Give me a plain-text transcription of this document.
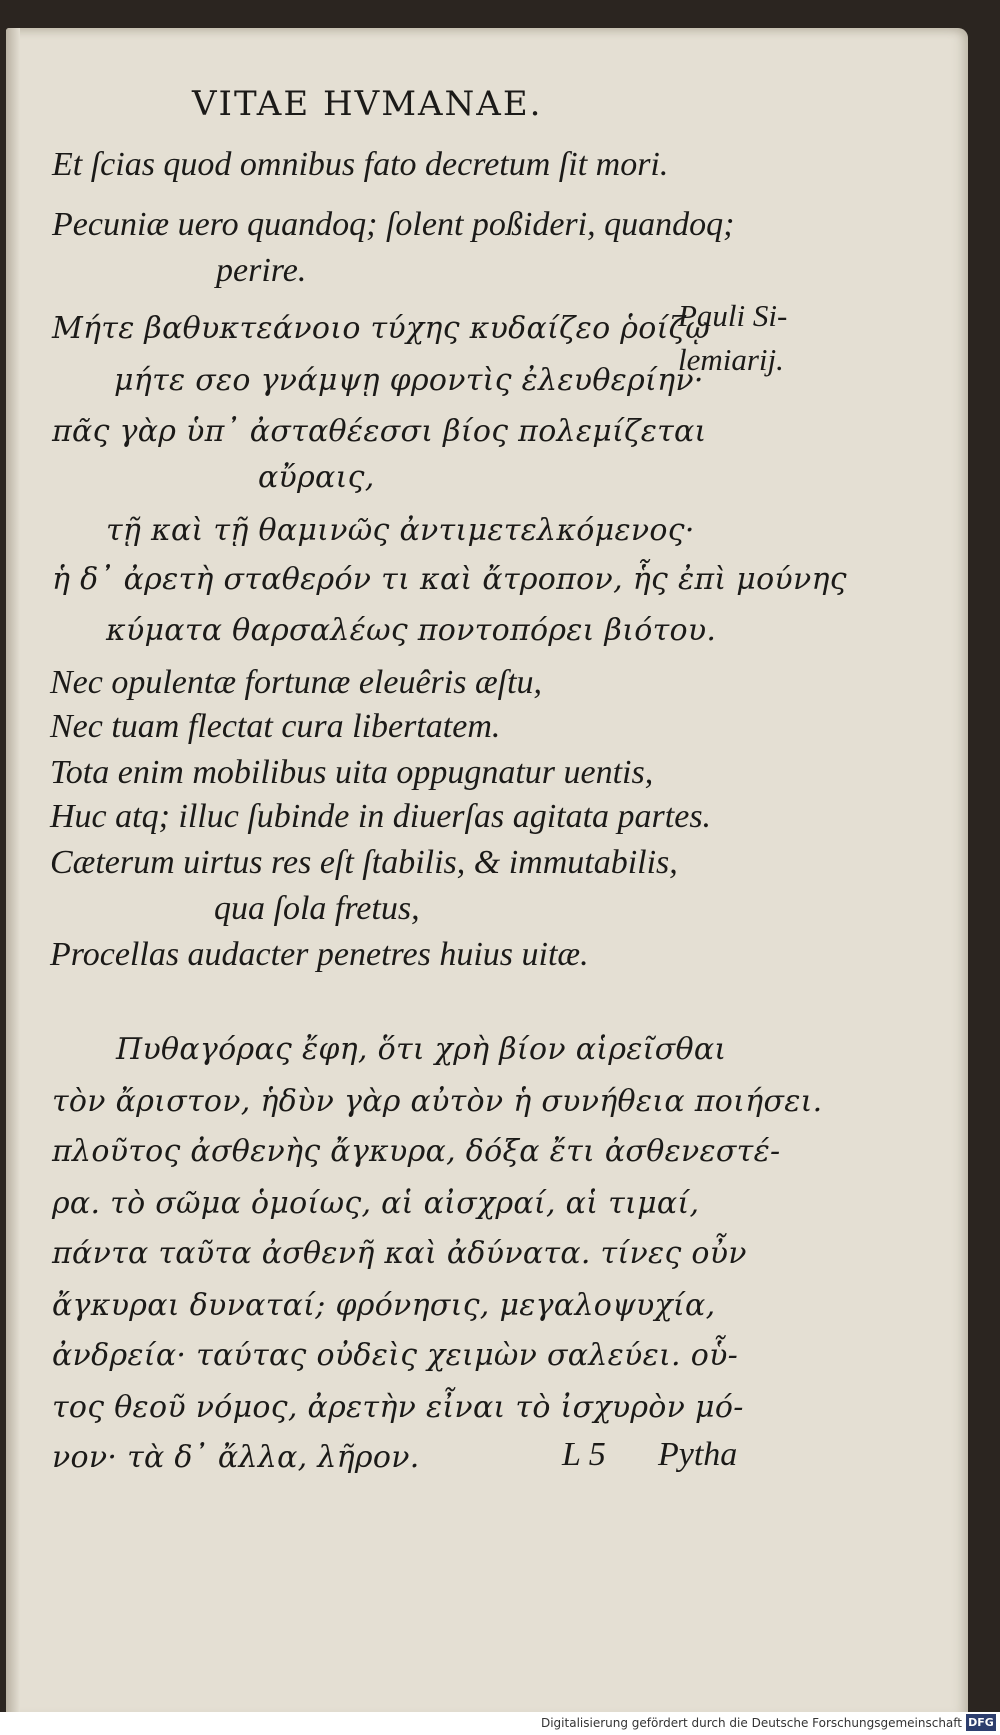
VITAE HVMANAE.
Et ſcias quod omnibus fato decretum ſit mori.
Pecuniæ uero quandoq; ſolent poßideri, quandoq;
perire.
Μήτε βαθυκτεάνοιο τύχης κυδαίζεο ῥοίζῳ
μήτε σεο γνάμψῃ φροντὶς ἐλευθερίην·
πᾶς γὰρ ὑπ᾽ ἀσταθέεσσι βίος πολεμίζεται
αὔραις,
τῇ καὶ τῇ θαμινῶς ἀντιμετελκόμενος·
ἡ δ᾽ ἀρετὴ σταθερόν τι καὶ ἄτροπον, ἧς ἐπὶ μούνης
κύματα θαρσαλέως ποντοπόρει βιότου.
Pauli Si-
lemiarij.
Nec opulentæ fortunæ eleuêris æſtu,
Nec tuam flectat cura libertatem.
Tota enim mobilibus uita oppugnatur uentis,
Huc atq; illuc ſubinde in diuerſas agitata partes.
Cæterum uirtus res eſt ſtabilis, & immutabilis,
qua ſola fretus,
Procellas audacter penetres huius uitæ.
Πυθαγόρας ἔφη, ὅτι χρὴ βίον αἱρεῖσθαι
τὸν ἄριστον, ἡδὺν γὰρ αὐτὸν ἡ συνήθεια ποιήσει.
πλοῦτος ἀσθενὴς ἄγκυρα, δόξα ἔτι ἀσθενεστέ-
ρα. τὸ σῶμα ὁμοίως, αἱ αἰσχραί, αἱ τιμαί,
πάντα ταῦτα ἀσθενῆ καὶ ἀδύνατα. τίνες οὖν
ἄγκυραι δυναταί; φρόνησις, μεγαλοψυχία,
ἀνδρεία· ταύτας οὐδεὶς χειμὼν σαλεύει. οὗ-
τος θεοῦ νόμος, ἀρετὴν εἶναι τὸ ἰσχυρὸν μό-
νον· τὰ δ᾽ ἄλλα, λῆρον.	L 5 Pytha
Digitalisierung gefördert durch die Deutsche Forschungsgemeinschaft DFG
